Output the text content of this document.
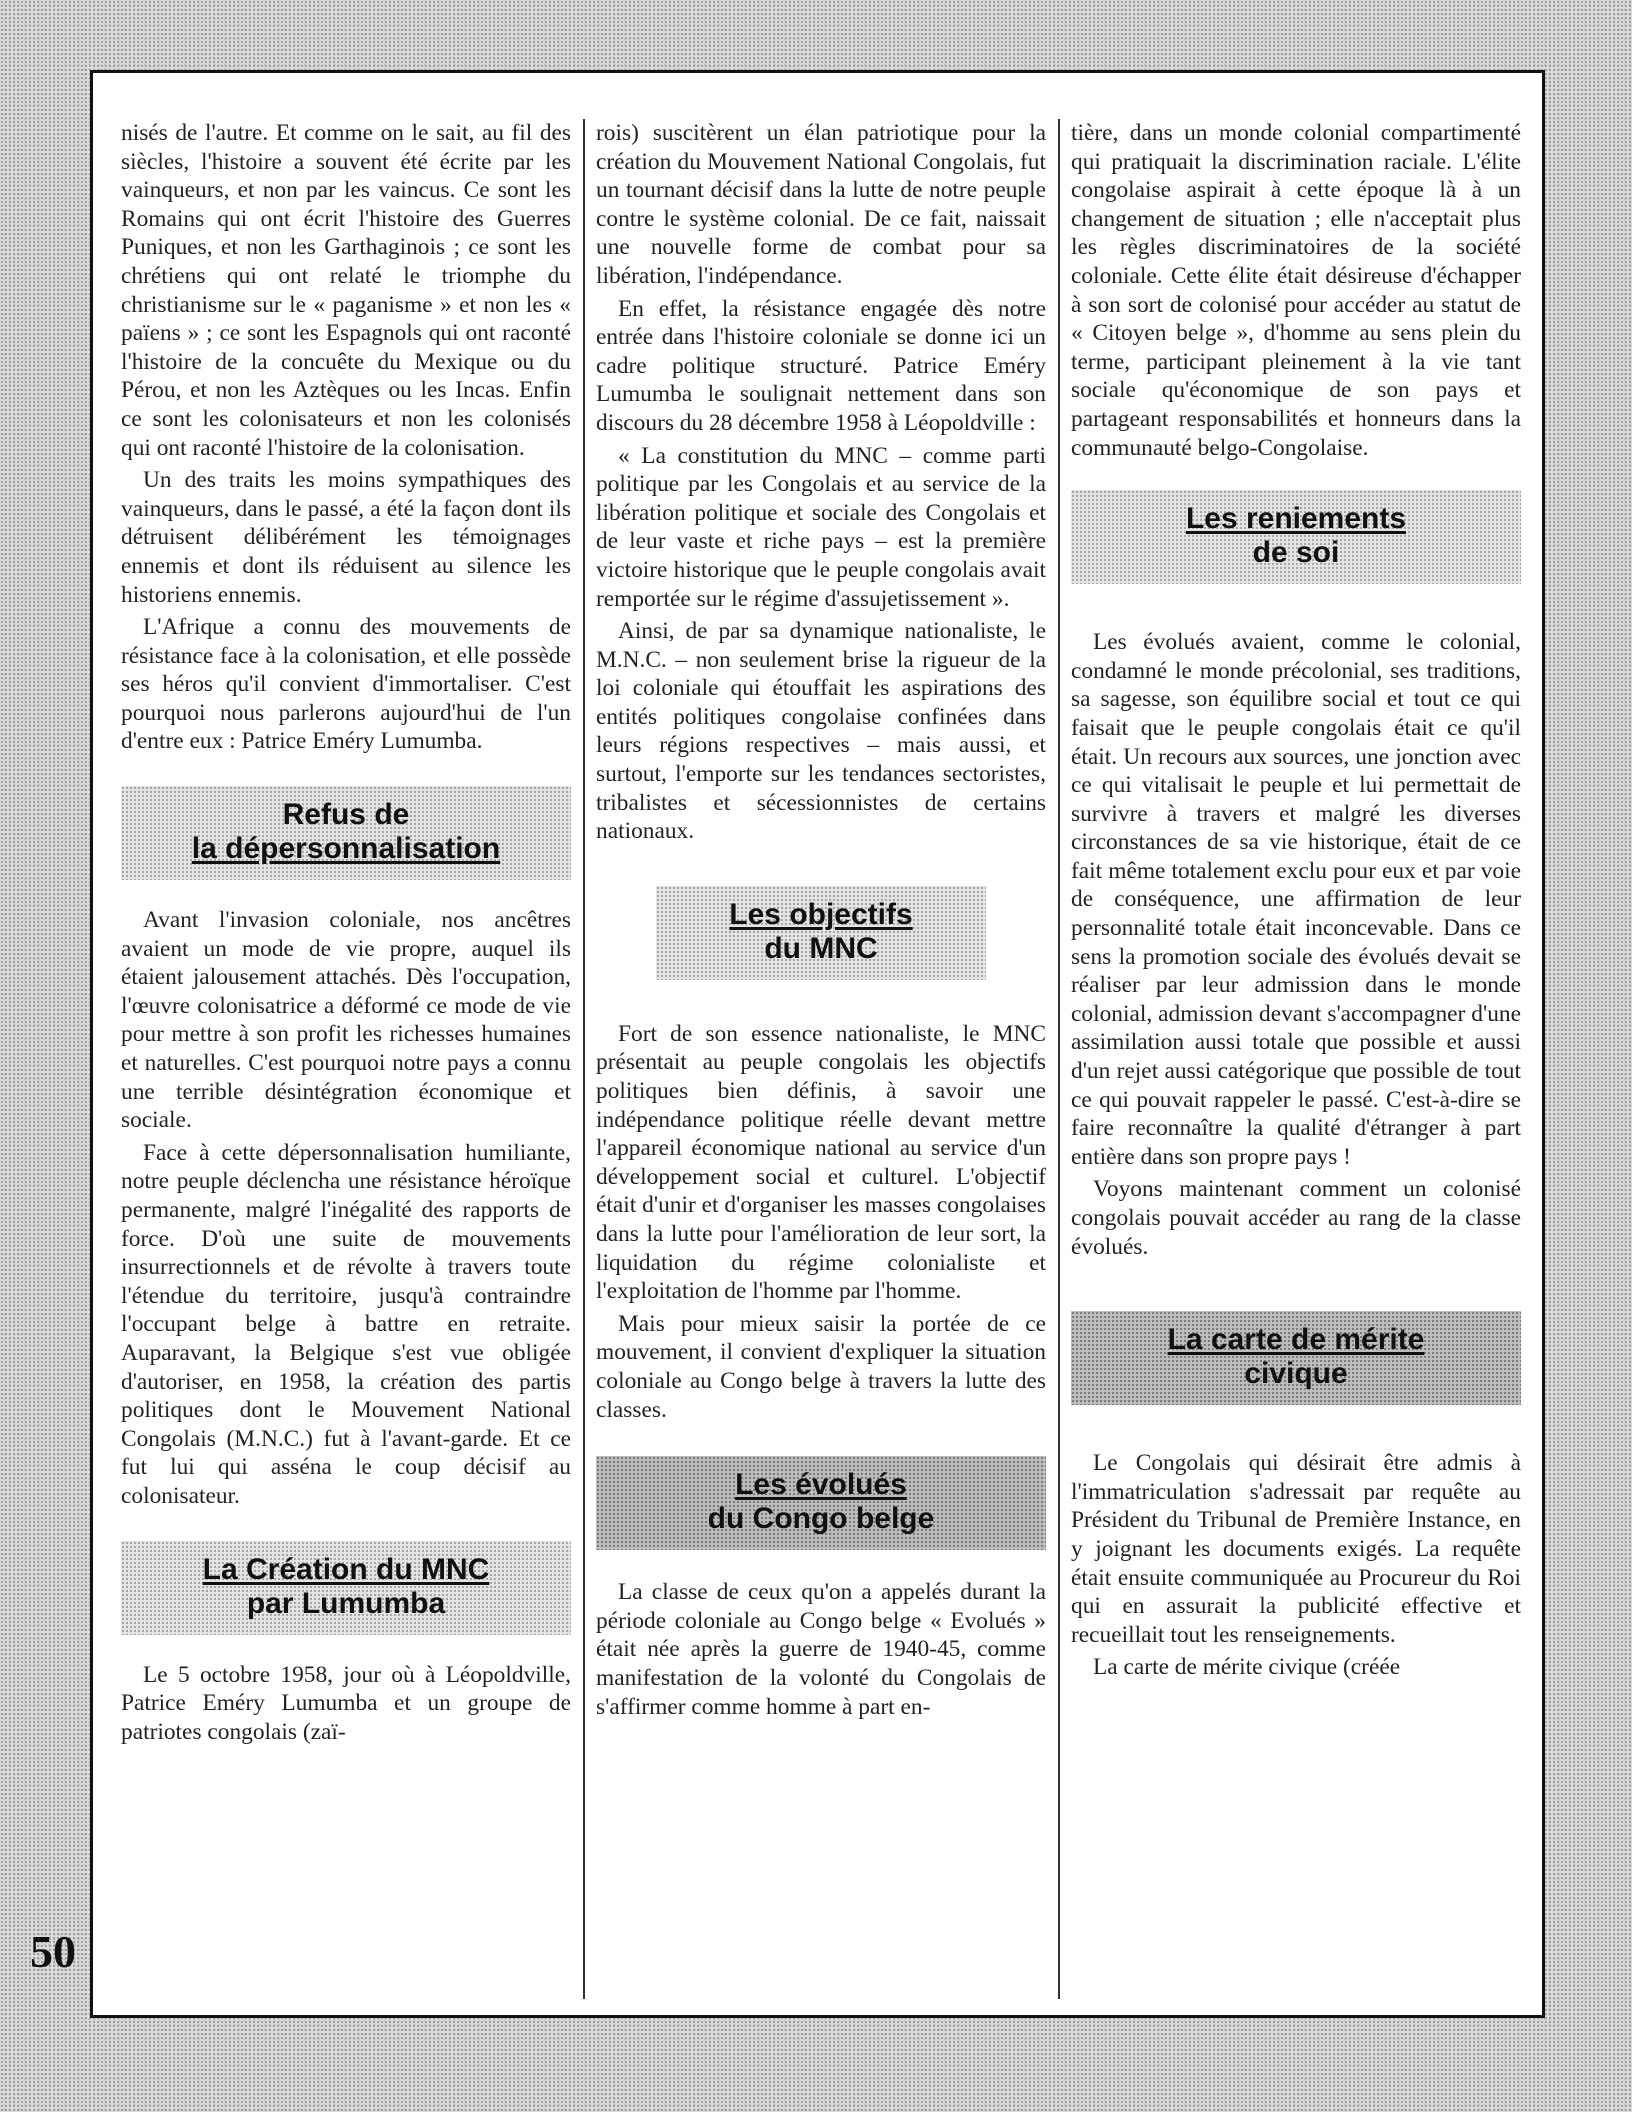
nisés de l'autre. Et comme on le sait, au fil des siècles, l'histoire a souvent été écrite par les vainqueurs, et non par les vaincus. Ce sont les Romains qui ont écrit l'histoire des Guerres Puniques, et non les Garthaginois ; ce sont les chrétiens qui ont relaté le triomphe du christianisme sur le « paganisme » et non les « païens » ; ce sont les Espagnols qui ont raconté l'histoire de la concuête du Mexique ou du Pérou, et non les Aztèques ou les Incas. Enfin ce sont les colonisateurs et non les colonisés qui ont raconté l'histoire de la colonisation.

Un des traits les moins sympathiques des vainqueurs, dans le passé, a été la façon dont ils détruisent délibérément les témoignages ennemis et dont ils réduisent au silence les historiens ennemis.

L'Afrique a connu des mouvements de résistance face à la colonisation, et elle possède ses héros qu'il convient d'immortaliser. C'est pourquoi nous parlerons aujourd'hui de l'un d'entre eux : Patrice Eméry Lumumba.

Refus de
la dépersonnalisation

Avant l'invasion coloniale, nos ancêtres avaient un mode de vie propre, auquel ils étaient jalousement attachés. Dès l'occupation, l'œuvre colonisatrice a déformé ce mode de vie pour mettre à son profit les richesses humaines et naturelles. C'est pourquoi notre pays a connu une terrible désintégration économique et sociale.

Face à cette dépersonnalisation humiliante, notre peuple déclencha une résistance héroïque permanente, malgré l'inégalité des rapports de force. D'où une suite de mouvements insurrectionnels et de révolte à travers toute l'étendue du territoire, jusqu'à contraindre l'occupant belge à battre en retraite. Auparavant, la Belgique s'est vue obligée d'autoriser, en 1958, la création des partis politiques dont le Mouvement National Congolais (M.N.C.) fut à l'avant-garde. Et ce fut lui qui asséna le coup décisif au colonisateur.

La Création du MNC
par Lumumba

Le 5 octobre 1958, jour où à Léopoldville, Patrice Eméry Lumumba et un groupe de patriotes congolais (zaï-

rois) suscitèrent un élan patriotique pour la création du Mouvement National Congolais, fut un tournant décisif dans la lutte de notre peuple contre le système colonial. De ce fait, naissait une nouvelle forme de combat pour sa libération, l'indépendance.

En effet, la résistance engagée dès notre entrée dans l'histoire coloniale se donne ici un cadre politique structuré. Patrice Eméry Lumumba le soulignait nettement dans son discours du 28 décembre 1958 à Léopoldville :

« La constitution du MNC – comme parti politique par les Congolais et au service de la libération politique et sociale des Congolais et de leur vaste et riche pays – est la première victoire historique que le peuple congolais avait remportée sur le régime d'assujetissement ».

Ainsi, de par sa dynamique nationaliste, le M.N.C. – non seulement brise la rigueur de la loi coloniale qui étouffait les aspirations des entités politiques congolaise confinées dans leurs régions respectives – mais aussi, et surtout, l'emporte sur les tendances sectoristes, tribalistes et sécessionnistes de certains nationaux.

Les objectifs
du MNC

Fort de son essence nationaliste, le MNC présentait au peuple congolais les objectifs politiques bien définis, à savoir une indépendance politique réelle devant mettre l'appareil économique national au service d'un développement social et culturel. L'objectif était d'unir et d'organiser les masses congolaises dans la lutte pour l'amélioration de leur sort, la liquidation du régime colonialiste et l'exploitation de l'homme par l'homme.

Mais pour mieux saisir la portée de ce mouvement, il convient d'expliquer la situation coloniale au Congo belge à travers la lutte des classes.

Les évolués
du Congo belge

La classe de ceux qu'on a appelés durant la période coloniale au Congo belge « Evolués » était née après la guerre de 1940-45, comme manifestation de la volonté du Congolais de s'affirmer comme homme à part en-

tière, dans un monde colonial compartimenté qui pratiquait la discrimination raciale. L'élite congolaise aspirait à cette époque là à un changement de situation ; elle n'acceptait plus les règles discriminatoires de la société coloniale. Cette élite était désireuse d'échapper à son sort de colonisé pour accéder au statut de « Citoyen belge », d'homme au sens plein du terme, participant pleinement à la vie tant sociale qu'économique de son pays et partageant responsabilités et honneurs dans la communauté belgo-Congolaise.

Les reniements
de soi

Les évolués avaient, comme le colonial, condamné le monde précolonial, ses traditions, sa sagesse, son équilibre social et tout ce qui faisait que le peuple congolais était ce qu'il était. Un recours aux sources, une jonction avec ce qui vitalisait le peuple et lui permettait de survivre à travers et malgré les diverses circonstances de sa vie historique, était de ce fait même totalement exclu pour eux et par voie de conséquence, une affirmation de leur personnalité totale était inconcevable. Dans ce sens la promotion sociale des évolués devait se réaliser par leur admission dans le monde colonial, admission devant s'accompagner d'une assimilation aussi totale que possible et aussi d'un rejet aussi catégorique que possible de tout ce qui pouvait rappeler le passé. C'est-à-dire se faire reconnaître la qualité d'étranger à part entière dans son propre pays !

Voyons maintenant comment un colonisé congolais pouvait accéder au rang de la classe évolués.

La carte de mérite
civique

Le Congolais qui désirait être admis à l'immatriculation s'adressait par requête au Président du Tribunal de Première Instance, en y joignant les documents exigés. La requête était ensuite communiquée au Procureur du Roi qui en assurait la publicité effective et recueillait tout les renseignements.

La carte de mérite civique (créée

50
